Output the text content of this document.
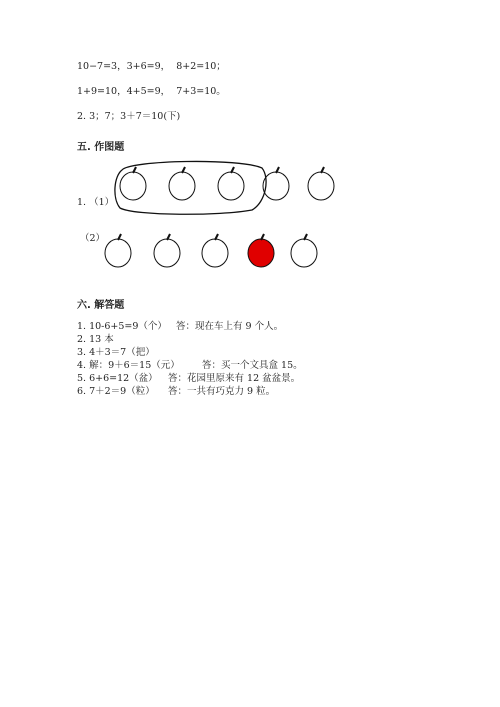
10−7=3，3+6=9，  8+2=10；
1+9=10，4+5=9，  7+3=10。
2. 3；7；3＋7＝10(下)
五. 作图题
1. （1）
（2）
六. 解答题
1. 10-6+5=9（个） 答：现在车上有 9 个人。
2. 13 本
3. 4＋3＝7（把）
4. 解：9＋6＝15（元） 答：买一个文具盒 15。
5. 6+6=12（盆） 答：花园里原来有 12 盆盆景。
6. 7＋2＝9（粒） 答：一共有巧克力 9 粒。
